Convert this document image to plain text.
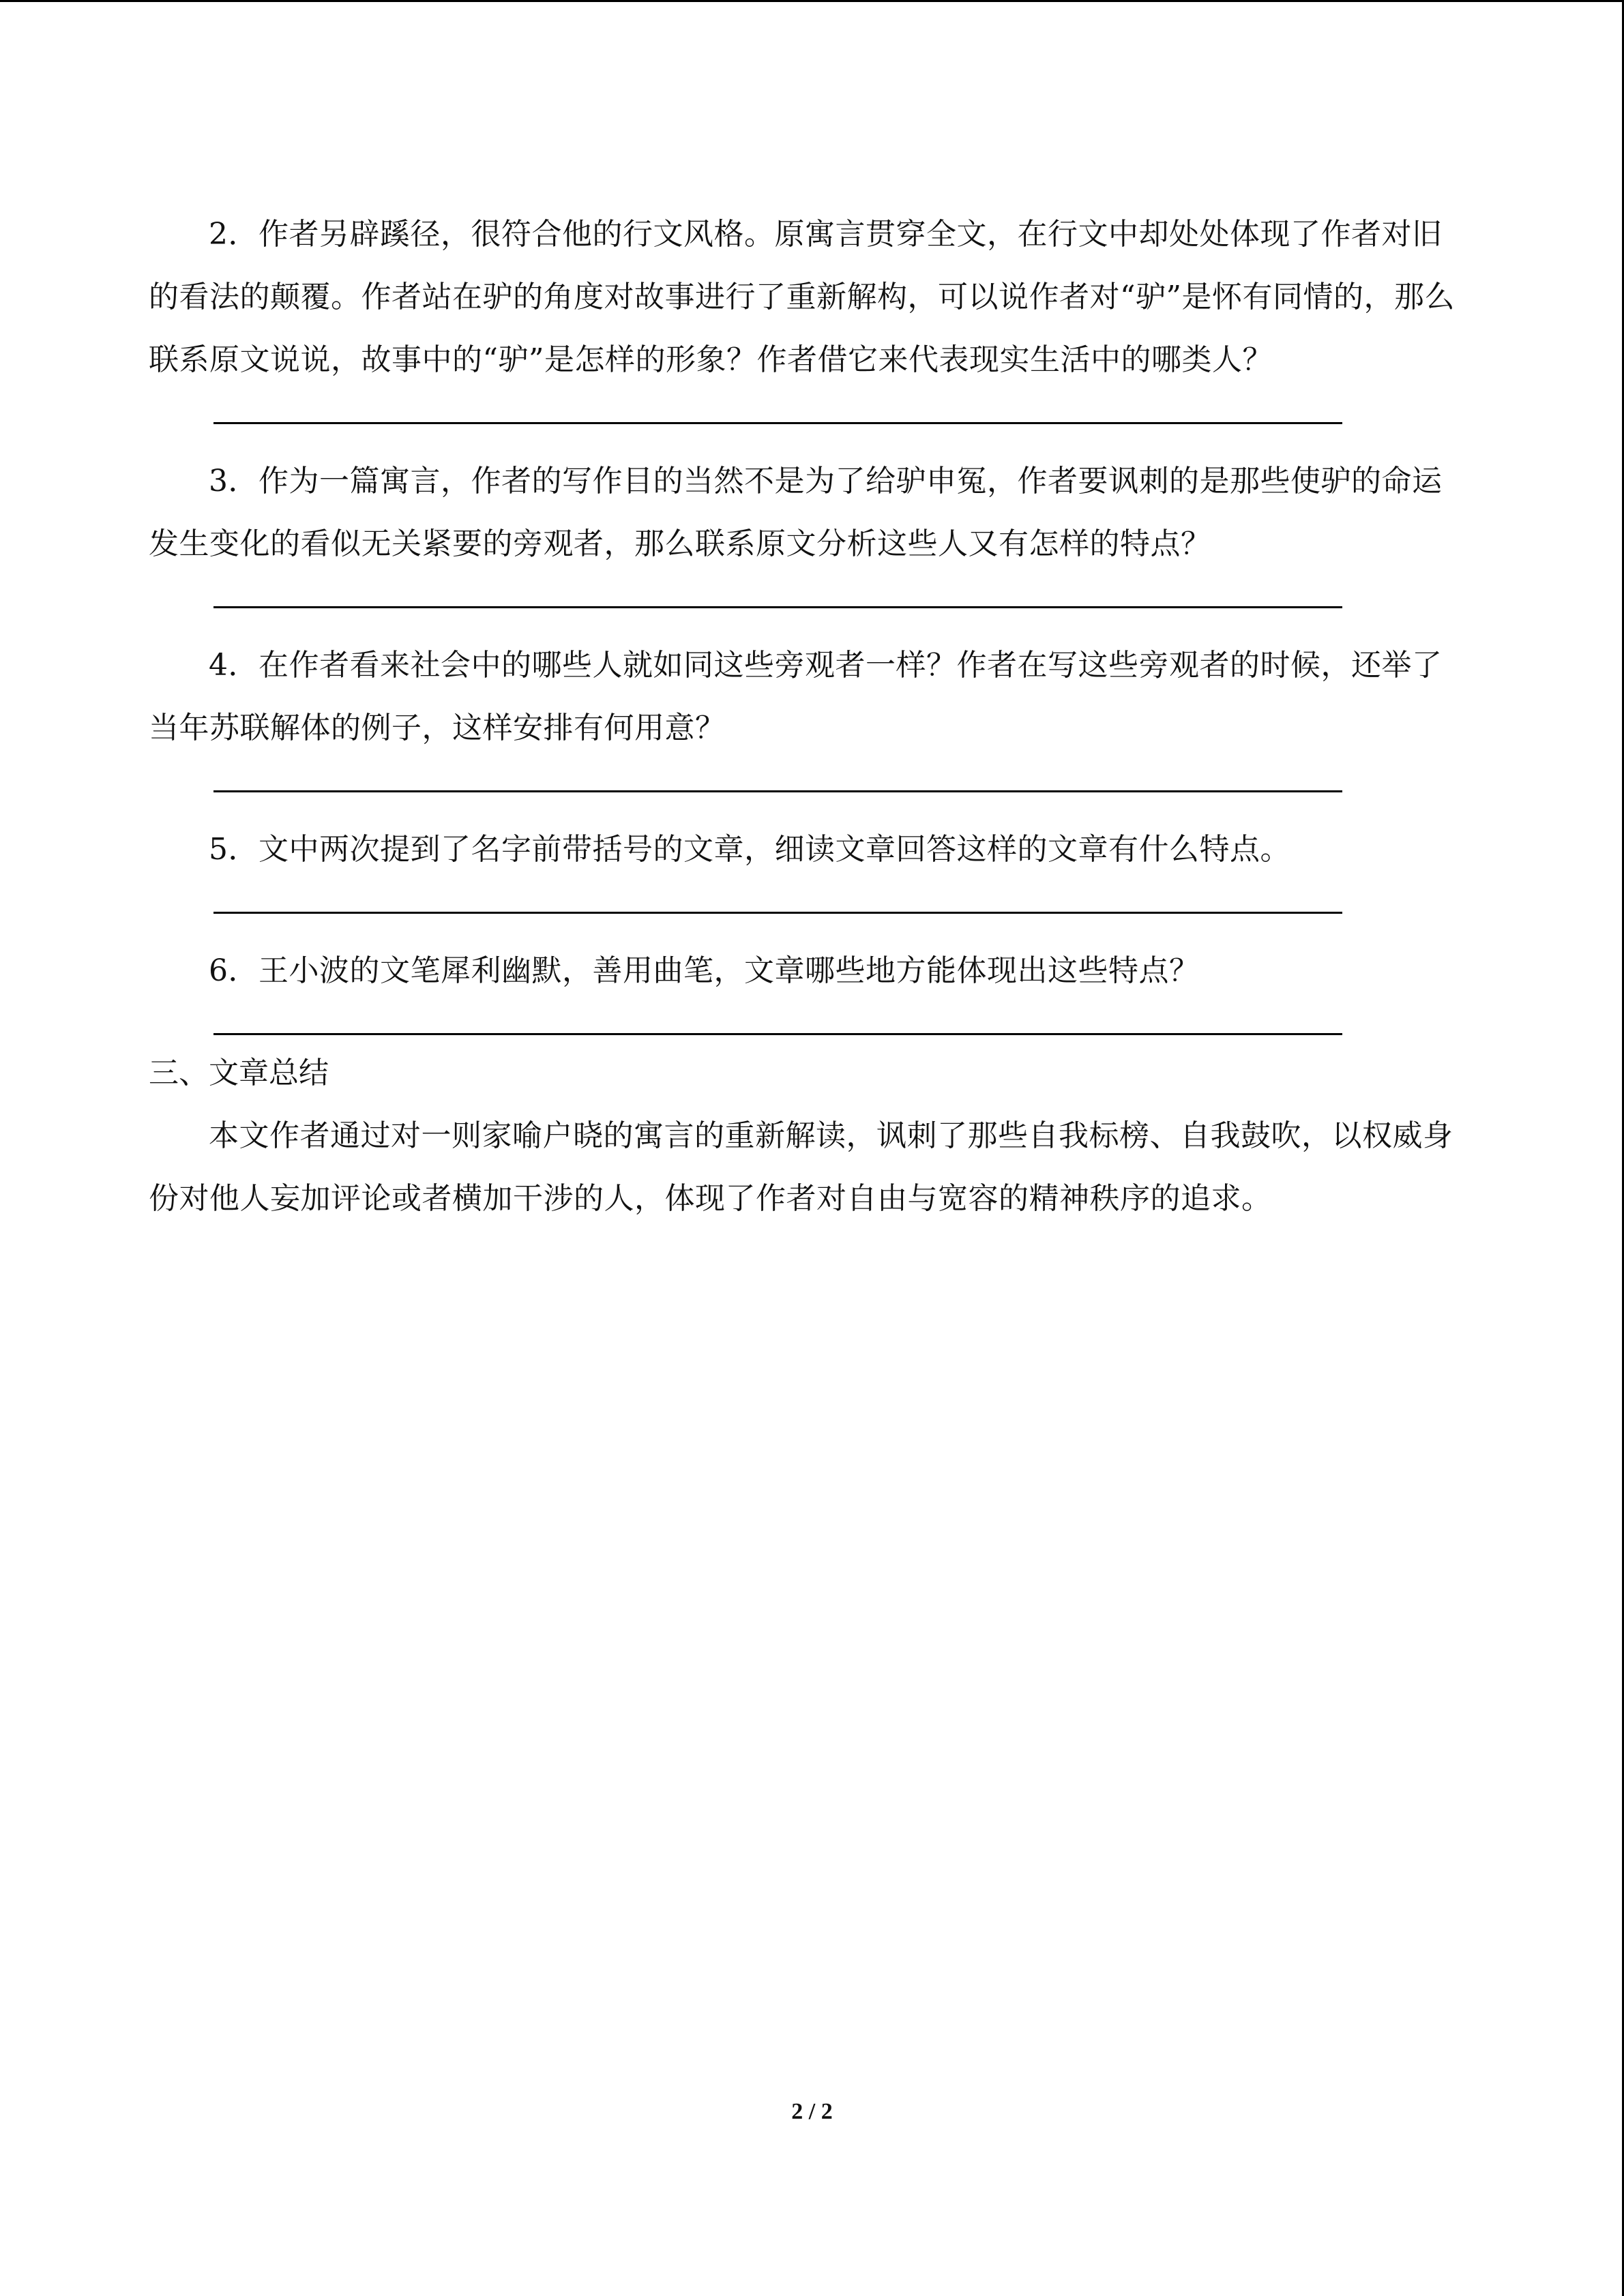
2．作者另辟蹊径，很符合他的行文风格。原寓言贯穿全文，在行文中却处处体现了作者对旧的看法的颠覆。作者站在驴的角度对故事进行了重新解构，可以说作者对“驴”是怀有同情的，那么联系原文说说，故事中的“驴”是怎样的形象？作者借它来代表现实生活中的哪类人？

3．作为一篇寓言，作者的写作目的当然不是为了给驴申冤，作者要讽刺的是那些使驴的命运发生变化的看似无关紧要的旁观者，那么联系原文分析这些人又有怎样的特点？

4．在作者看来社会中的哪些人就如同这些旁观者一样？作者在写这些旁观者的时候，还举了当年苏联解体的例子，这样安排有何用意？

5．文中两次提到了名字前带括号的文章，细读文章回答这样的文章有什么特点。

6．王小波的文笔犀利幽默，善用曲笔，文章哪些地方能体现出这些特点？

三、文章总结

本文作者通过对一则家喻户晓的寓言的重新解读，讽刺了那些自我标榜、自我鼓吹，以权威身份对他人妄加评论或者横加干涉的人，体现了作者对自由与宽容的精神秩序的追求。

2 / 2
